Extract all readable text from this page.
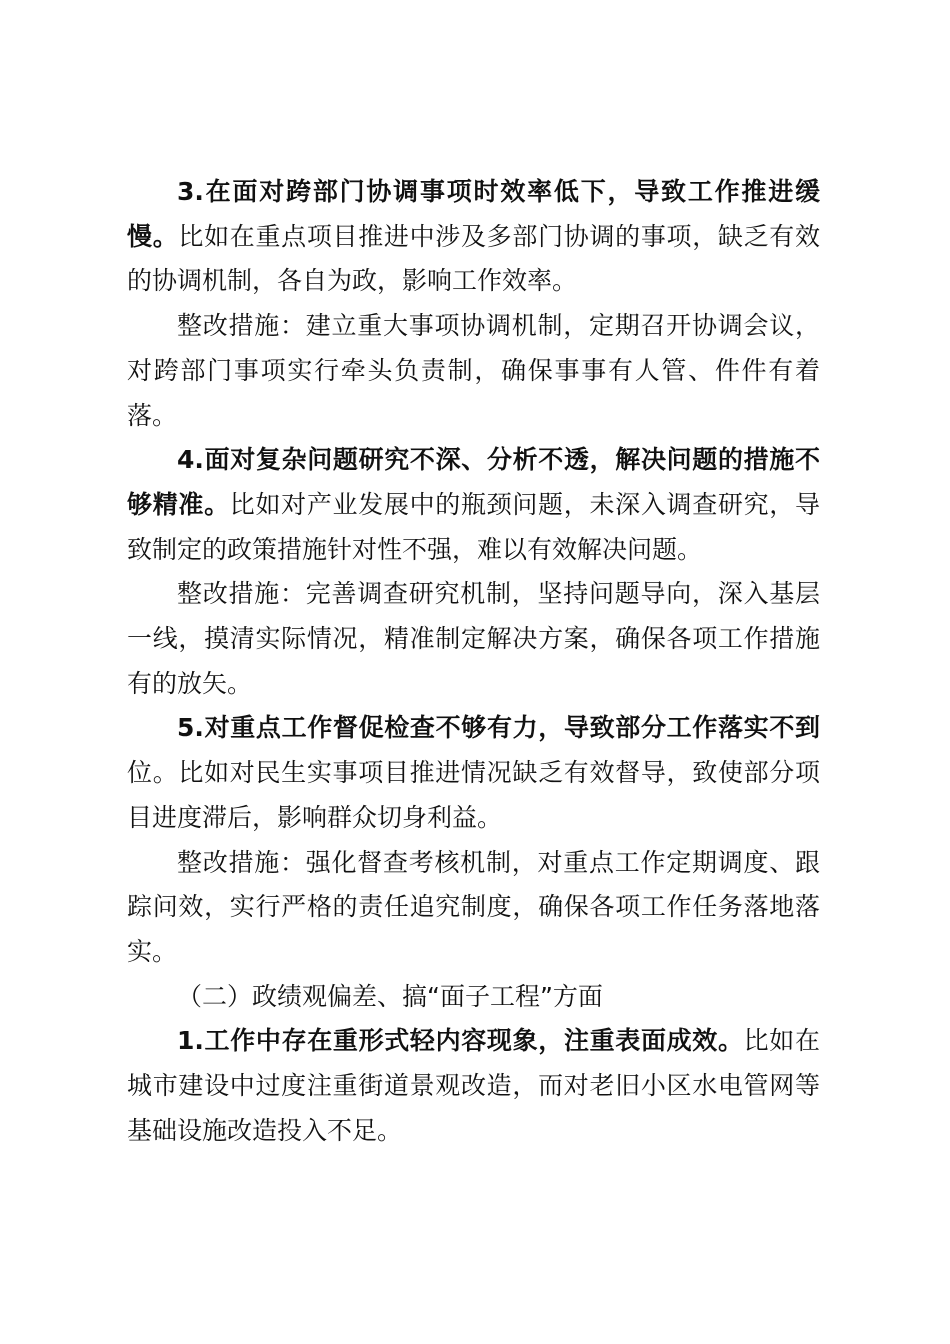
3.在面对跨部门协调事项时效率低下，导致工作推进缓慢。比如在重点项目推进中涉及多部门协调的事项，缺乏有效的协调机制，各自为政，影响工作效率。

整改措施：建立重大事项协调机制，定期召开协调会议，对跨部门事项实行牵头负责制，确保事事有人管、件件有着落。

4.面对复杂问题研究不深、分析不透，解决问题的措施不够精准。比如对产业发展中的瓶颈问题，未深入调查研究，导致制定的政策措施针对性不强，难以有效解决问题。

整改措施：完善调查研究机制，坚持问题导向，深入基层一线，摸清实际情况，精准制定解决方案，确保各项工作措施有的放矢。

5.对重点工作督促检查不够有力，导致部分工作落实不到位。比如对民生实事项目推进情况缺乏有效督导，致使部分项目进度滞后，影响群众切身利益。

整改措施：强化督查考核机制，对重点工作定期调度、跟踪问效，实行严格的责任追究制度，确保各项工作任务落地落实。

（二）政绩观偏差、搞“面子工程”方面

1.工作中存在重形式轻内容现象，注重表面成效。比如在城市建设中过度注重街道景观改造，而对老旧小区水电管网等基础设施改造投入不足。
